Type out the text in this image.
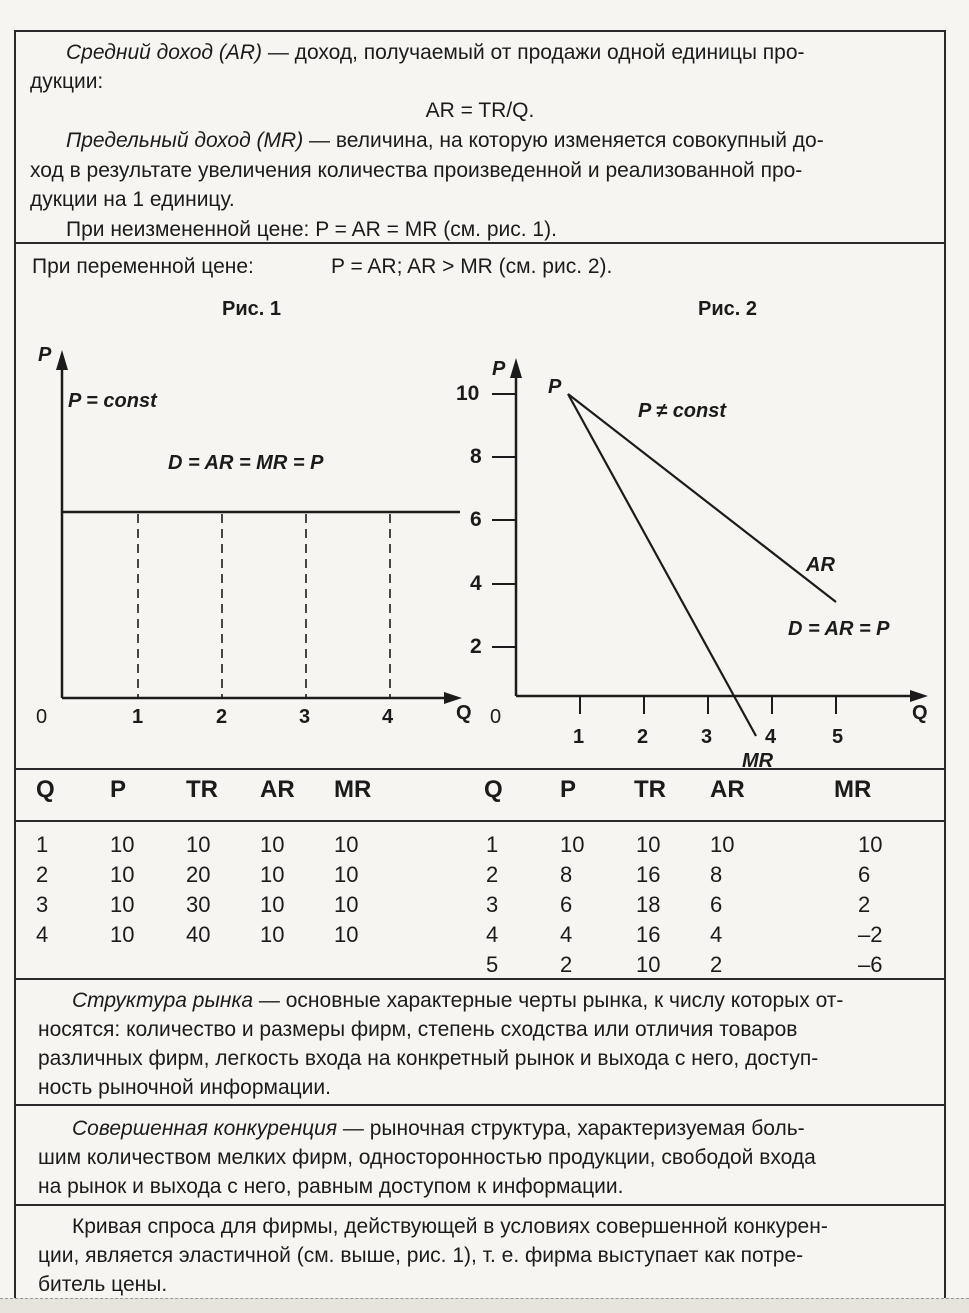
Средний доход (AR) — доход, получаемый от продажи одной единицы про-
дукции:
AR = TR/Q.
Предельный доход (MR) — величина, на которую изменяется совокупный до-
ход в результате увеличения количества произведенной и реализованной про-
дукции на 1 единицу.
При неизмененной цене: P = AR = MR (см. рис. 1).
При переменной цене:	P = AR; AR > MR (см. рис. 2).
Рис. 1
P
Q
0
P = const
D = AR = MR = P
1	2	3	4
Рис. 2
P
Q
0
P
P ≠ const
AR
D = AR = P
MR
10
8
6
4
2
1	2	3	4	5
Q P TR AR MR
1	10 10 10 10
2	10 20 10 10
3	10 30 10 10
4	10 40 10 10
Q P TR AR	MR
1	10 10 10	10
2	8	16 8	6
3	6	18 6	2
4	4	16 4	–2
5	2	10 2	–6
Структура рынка — основные характерные черты рынка, к числу которых от-
носятся: количество и размеры фирм, степень сходства или отличия товаров
различных фирм, легкость входа на конкретный рынок и выхода с него, доступ-
ность рыночной информации.
Совершенная конкуренция — рыночная структура, характеризуемая боль-
шим количеством мелких фирм, односторонностью продукции, свободой входа
на рынок и выхода с него, равным доступом к информации.
Кривая спроса для фирмы, действующей в условиях совершенной конкурен-
ции, является эластичной (см. выше, рис. 1), т. е. фирма выступает как потре-
битель цены.
